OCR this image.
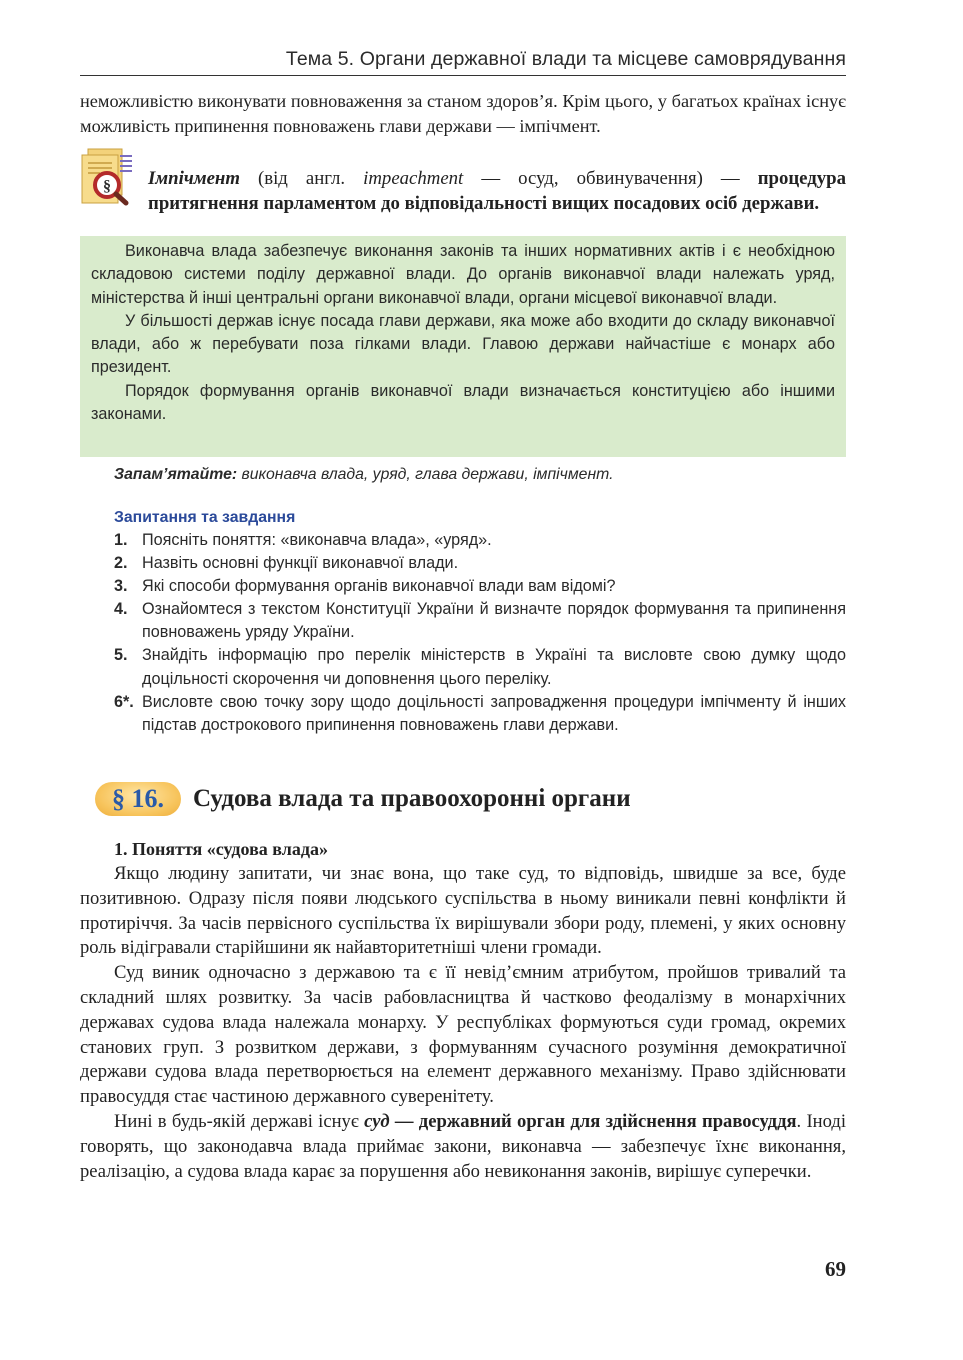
Тема 5. Органи державної влади та місцеве самоврядування

неможливістю виконувати повноваження за станом здоров’я. Крім цього, у багатьох країнах існує можливість припинення повноважень глави держави — імпічмент.

§ Імпічмент (від англ. impeachment — осуд, обвинувачення) — процедура притягнення парламентом до відповідальності вищих посадових осіб держави.

Виконавча влада забезпечує виконання законів та інших нормативних актів і є необхідною складовою системи поділу державної влади. До органів виконавчої влади належать уряд, міністерства й інші центральні органи виконавчої влади, органи місцевої виконавчої влади.

У більшості держав існує посада глави держави, яка може або входити до складу виконавчої влади, або ж перебувати поза гілками влади. Главою держави найчастіше є монарх або президент.

Порядок формування органів виконавчої влади визначається конституцією або іншими законами.

Запам’ятайте: виконавча влада, уряд, глава держави, імпічмент.
Запитання та завдання
1. Поясніть поняття: «виконавча влада», «уряд».
2. Назвіть основні функції виконавчої влади.
3. Які способи формування органів виконавчої влади вам відомі?
4. Ознайомтеся з текстом Конституції України й визначте порядок формування та припинення повноважень уряду України.
5. Знайдіть інформацію про перелік міністерств в Україні та висловте свою думку щодо доцільності скорочення чи доповнення цього переліку.
6*. Висловте свою точку зору щодо доцільності запровадження процедури імпічменту й інших підстав дострокового припинення повноважень глави держави.
§ 16.	Судова влада та правоохоронні органи
1. Поняття «судова влада»

Якщо людину запитати, чи знає вона, що таке суд, то відповідь, швидше за все, буде позитивною. Одразу після появи людського суспільства в ньому виникали певні конфлікти й протиріччя. За часів первісного суспільства їх вирішували збори роду, племені, у яких основну роль відігравали старійшини як найавторитетніші члени громади.

Суд виник одночасно з державою та є її невід’ємним атрибутом, пройшов тривалий та складний шлях розвитку. За часів рабовласництва й частково феодалізму в монархічних державах судова влада належала монарху. У республіках формуються суди громад, окремих станових груп. З розвитком держави, з формуванням сучасного розуміння демократичної держави судова влада перетворюється на елемент державного механізму. Право здійснювати правосуддя стає частиною державного суверенітету.

Нині в будь-якій державі існує суд — державний орган для здійснення правосуддя. Іноді говорять, що законодавча влада приймає закони, виконавча — забезпечує їхнє виконання, реалізацію, а судова влада карає за порушення або невиконання законів, вирішує суперечки.

69
